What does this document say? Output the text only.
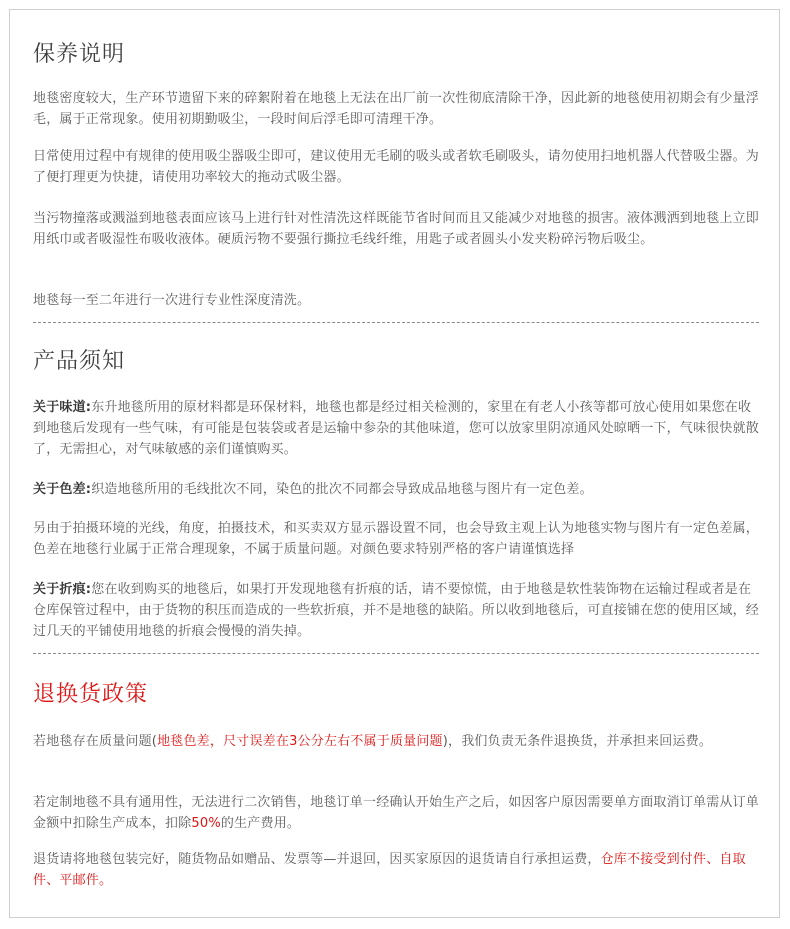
保养说明

地毯密度较大，生产环节遗留下来的碎絮附着在地毯上无法在出厂前一次性彻底清除干净，因此新的地毯使用初期会有少量浮毛，属于正常现象。使用初期勤吸尘，一段时间后浮毛即可清理干净。

日常使用过程中有规律的使用吸尘器吸尘即可，建议使用无毛刷的吸头或者软毛刷吸头，请勿使用扫地机器人代替吸尘器。为了便打理更为快捷，请使用功率较大的拖动式吸尘器。

当污物撞落或溅溢到地毯表面应该马上进行针对性清洗这样既能节省时间而且又能减少对地毯的损害。液体溅洒到地毯上立即用纸巾或者吸湿性布吸收液体。硬质污物不要强行撕拉毛线纤维，用匙子或者圆头小发夹粉碎污物后吸尘。

地毯每一至二年进行一次进行专业性深度清洗。

产品须知

关于味道:东升地毯所用的原材料都是环保材料，地毯也都是经过相关检测的，家里在有老人小孩等都可放心使用如果您在收到地毯后发现有一些气味，有可能是包装袋或者是运输中参杂的其他味道，您可以放家里阴凉通风处晾晒一下，气味很快就散了，无需担心，对气味敏感的亲们谨慎购买。

关于色差:织造地毯所用的毛线批次不同，染色的批次不同都会导致成品地毯与图片有一定色差。

另由于拍摄环境的光线，角度，拍摄技术，和买卖双方显示器设置不同，也会导致主观上认为地毯实物与图片有一定色差属，色差在地毯行业属于正常合理现象，不属于质量问题。对颜色要求特别严格的客户请谨慎选择

关于折痕:您在收到购买的地毯后，如果打开发现地毯有折痕的话，请不要惊慌，由于地毯是软性装饰物在运输过程或者是在仓库保管过程中，由于货物的积压而造成的一些软折痕，并不是地毯的缺陷。所以收到地毯后，可直接铺在您的使用区域，经过几天的平铺使用地毯的折痕会慢慢的消失掉。

退换货政策

若地毯存在质量问题(地毯色差，尺寸误差在3公分左右不属于质量问题)，我们负责无条件退换货，并承担来回运费。

若定制地毯不具有通用性，无法进行二次销售，地毯订单一经确认开始生产之后，如因客户原因需要单方面取消订单需从订单金额中扣除生产成本，扣除50%的生产费用。

退货请将地毯包装完好，随货物品如赠品、发票等—并退回，因买家原因的退货请自行承担运费，仓库不接受到付件、自取件、平邮件。
